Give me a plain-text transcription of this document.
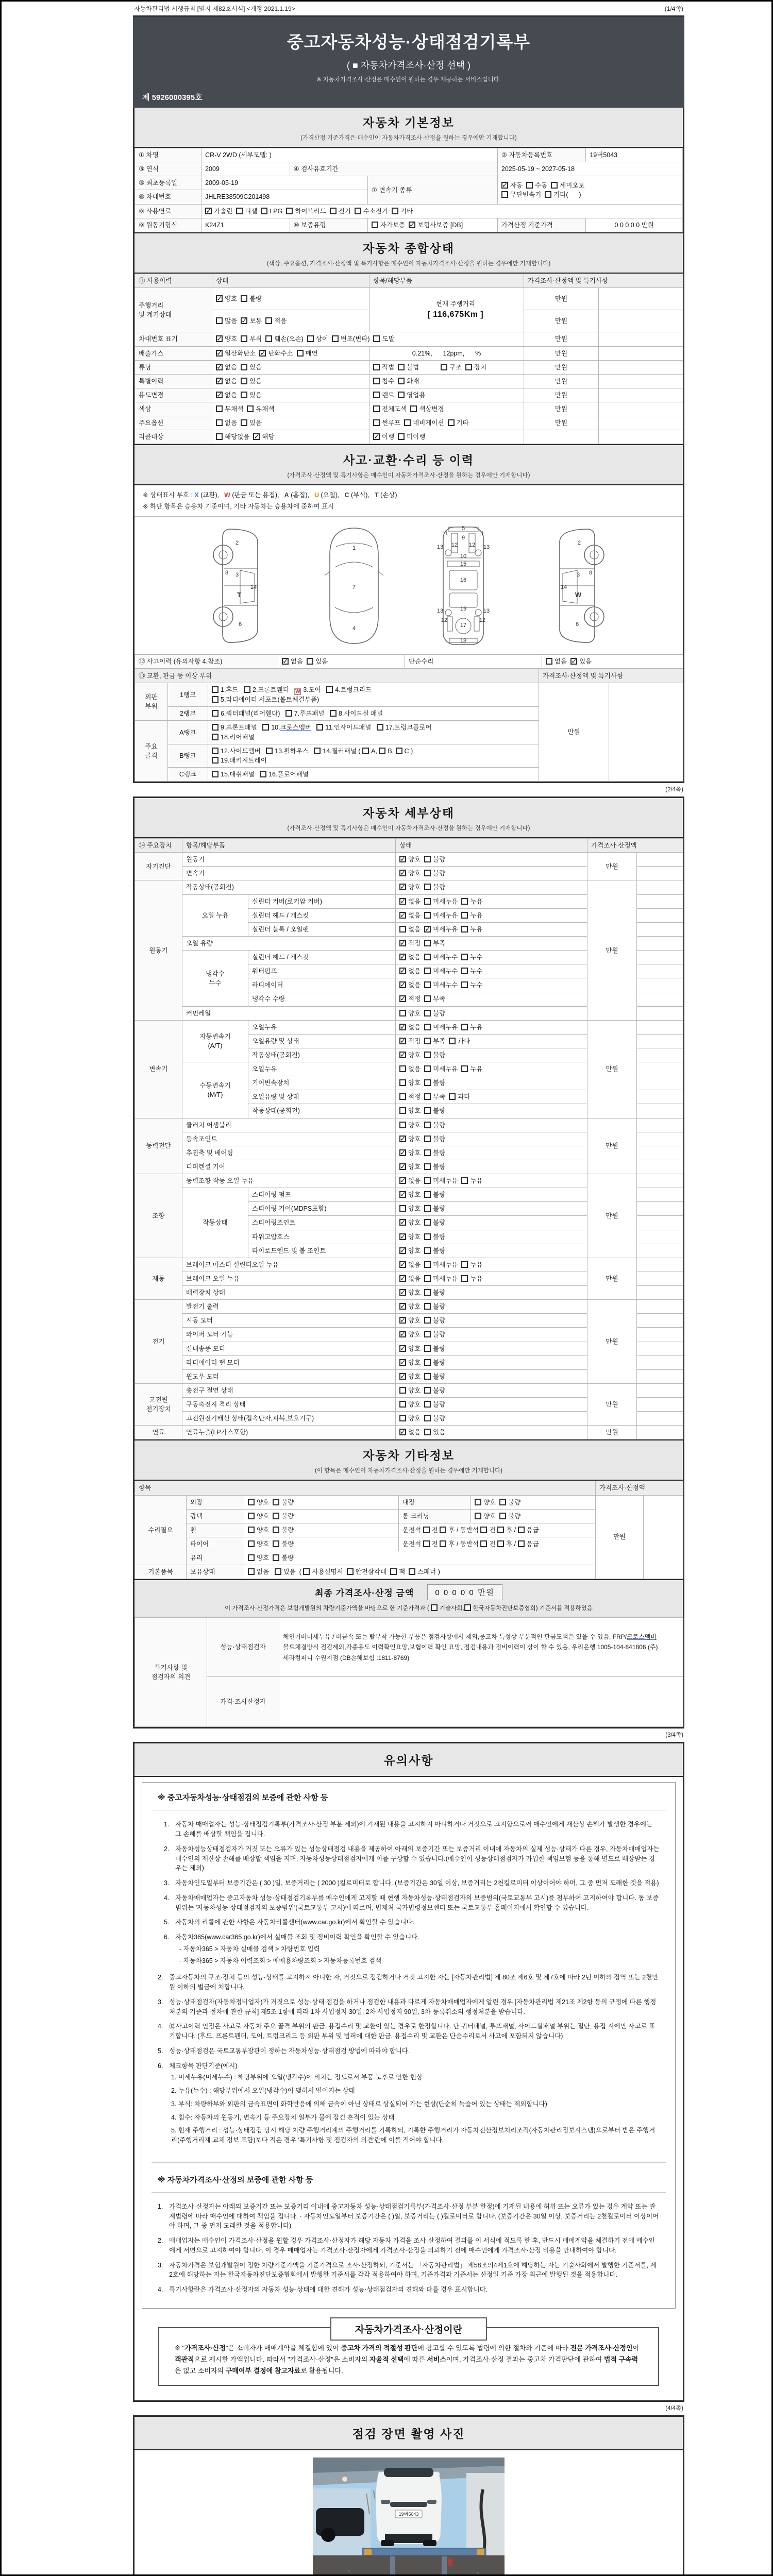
자동차관리법 시행규칙 [별지 제82호서식] <개정 2021.1.19>	(1/4쪽)
중고자동차성능·상태점검기록부
( ■ 자동차가격조사·산정 선택 )
※ 자동차가격조사·산정은 매수인이 원하는 경우 제공하는 서비스입니다.
제 5926000395호
자동차 기본정보
(가격산정 기준가격은 매수인이 자동차가격조사·산정을 원하는 경우에만 기재합니다)
① 차명	CR-V 2WD (세부모델: )			② 자동차등록번호	19버5043
③ 연식	2009	④ 검사유효기간		2025-05-19 ~ 2027-05-18	
⑤ 최초등록일	2009-05-19		⑦ 변속기 종류	✓자동  수동  세미오토
무단변속기  기타(      )
⑥ 차대번호	JHLRE38509C201498				
⑧ 사용연료	✓가솔린  디젤  LPG  하이브리드  전기  수소전기  기타
⑨ 원동기형식	K24Z1	⑩ 보증유형	자가보증   ✓보험사보증 [DB]	가격산정 기준가격	0 0 0 0 0 만원
자동차 종합상태
(색상, 주요옵션, 가격조사·산정액 및 특기사항은 매수인이 자동차가격조사·산정을 원하는 경우에만 기재합니다)
⑪ 사용이력	상태	항목/해당부품	가격조사·산정액 및 특기사항	
주행거리
및 계기상태	✓양호  불량	현재 주행거리
[ 116,675Km ]	만원	
	많음   ✓보통  적음		만원	
차대번호 표기	✓양호  부식  훼손(오손)  상이  변조(변타)  도말		만원	
배출가스	✓일산화탄소   ✓탄화수소  매연	0.21%,      12ppm,      %	만원	
튜닝	✓없음  있음	적법  불법            구조  장치	만원	
특별이력	✓없음  있음	침수  화재	만원	
용도변경	✓없음  있음	렌트  영업용	만원	
색상	무채색  유채색	전체도색  색상변경	만원	
주요옵션	없음  있음	썬루프  네비게이션  기타	만원	
리콜대상	해당없음   ✓해당	✓이행  미이행		
사고·교환·수리 등 이력
(가격조사·산정액 및 특기사항은 매수인이 자동차가격조사·산정을 원하는 경우에만 기재합니다)
※ 상태표시 부호 : X (교환), W (판금 또는 용접), A (흠집), U (요철), C (부식), T (손상)
※ 하단 항목은 승용차 기준이며, 기타 자동차는 승용차에 준하여 표시
2
8 3
14
T
6
1
7
4
5
9
11	11
13	13
12 12
10
15
16
19
13	13
12	12
17
18
2
3 8
14
W
6
⑫ 사고이력 (유의사항 4.참조)	✓없음  있음	단순수리	없음   ✓있음
⑬ 교환, 판금 등 이상 부위			가격조사·산정액 및 특기사항	
외판
부위	1랭크	1.후드   2.프론트휀더   W 3.도어   4.트렁크리드
5.라디에이터 서포트(볼트체결부품)	만원	
	2랭크	6.쿼터패널(리어휀다)   7.루프패널   8.사이드실 패널		
주요
골격	A랭크	9.프론트패널   10.크로스멤버 11.인사이드패널   17.트렁크플로어
18.리어패널		
	B랭크	12.사이드멤버   13.휠하우스   14.필러패널 ( A, B, C )
19.패키지트레이		
	C랭크	15.대쉬패널   16.플로어패널		
(2/4쪽)
자동차 세부상태
(가격조사·산정액 및 특기사항은 매수인이 자동차가격조사·산정을 원하는 경우에만 기재합니다)
⑭ 주요장치	항목/해당부품		상태	가격조사·산정액	
자기진단	원동기	✓양호  불량	만원	
	변속기	✓양호  불량	
원동기	작동상태(공회전)	✓양호  불량	만원	
	오일 누유	실린더 커버(로커암 커버)	✓없음  미세누유  누유	
		실린더 헤드 / 개스킷	✓없음  미세누유  누유	
		실린더 블록 / 오일팬	없음   ✓미세누유  누유	
	오일 유량	✓적정  부족	
	냉각수
누수	실린더 헤드 / 개스킷	✓없음  미세누수  누수	
		워터펌프	✓없음  미세누수  누수	
		라디에이터	✓없음  미세누수  누수	
		냉각수 수량	✓적정  부족	
	커먼레일		양호  불량		
변속기	자동변속기
(A/T)	오일누유	✓없음  미세누유  누유	만원	
		오일유량 및 상태	✓적정  부족  과다	
		작동상태(공회전)	✓양호  불량	
	수동변속기
(M/T)	오일누유	없음  미세누유  누유		
		기어변속장치	양호  불량		
		오일유량 및 상태	적정  부족  과다		
		작동상태(공회전)	양호  불량		
동력전달	클러치 어셈블리		양호  불량	만원	
	등속조인트	✓양호  불량	
	추진축 및 베어링	✓양호  불량	
	디퍼렌셜 기어	✓양호  불량	
조향	동력조향 작동 오일 누유	✓없음  미세누유  누유	만원	
	작동상태	스티어링 펌프	✓양호  불량	
		스티어링 기어(MDPS포함)	양호  불량		
		스티어링조인트	✓양호  불량	
		파워고압호스	✓양호  불량	
		타이로드엔드 및 볼 조인트	✓양호  불량	
제동	브레이크 마스터 실린더오일 누유	✓없음  미세누유  누유	만원	
	브레이크 오일 누유	✓없음  미세누유  누유	
	배력장치 상태	✓양호  불량	
전기	발전기 출력	✓양호  불량	만원	
	시동 모터	✓양호  불량	
	와이퍼 모터 기능	✓양호  불량	
	실내송풍 모터	✓양호  불량	
	라디에이터 팬 모터	✓양호  불량	
	윈도우 모터	✓양호  불량	
고전원
전기장치	충전구 절연 상태		양호  불량	만원	
	구동축전지 격리 상태		양호  불량		
	고전원전기배선 상태(접속단자,피복,보호기구)		양호  불량		
연료	연료누출(LP가스포함)	✓없음  있음	만원	
자동차 기타정보
(이 항목은 매수인이 자동차가격조사·산정을 원하는 경우에만 기재합니다)
항목					가격조사·산정액	
수리필요	외장	양호  불량	내장	양호  불량	만원	
	광택	양호  불량	룸 크리닝	양호  불량		
	휠	양호  불량	운전석 전 후 / 동반석 전 후 / 응급			
	타이어	양호  불량	운전석 전 후 / 동반석 전 후 / 응급			
	유리	양호  불량				
기본품목	보유상태	없음   있음  ( 사용설명서  안전삼각대  잭  스패너 )				
최종 가격조사·산정 금액	0 0 0 0 0 만원
이 가격조사·산정가격은 보험개발원의 차량기준가액을 바탕으로 한 기준가격과 ( 기술사회, 한국자동차진단보증협회) 기준서를 적용하였음
특기사항 및
점검자의 의견	성능·상태점검자	체인커버미세누유 / 비금속 또는 탈부착 가능한 부품은 점검사항에서 제외,중고차 특성상 부분적인 판금도색은 있을 수 있음, FRP/크로스멤버 볼트체결방식 점검제외,각종용도 이력확인요망,보험이력 확인 요망, 점검내용과 정비이력이 상이 할 수 있음, 우리은행 1005-104-841806 (주)세라컴퍼니 수원지점 (DB손해보험 :1811-8769)
	가격·조사산정자	
(3/4쪽)
유의사항
※ 중고자동차성능·상태점검의 보증에 관한 사항 등
1. 자동차 매매업자는 성능·상태점검기록부(가격조사·산정 부분 제외)에 기재된 내용을 고지하지 아니하거나 거짓으로 고지함으로써 매수인에게 재산상 손해가 발생한 경우에는 그 손해를 배상할 책임을 집니다.
2. 자동차성능상태점검자가 거짓 또는 오류가 있는 성능상태점검 내용을 제공하여 아래의 보증기간 또는 보증거리 이내에 자동차의 실제 성능·상태가 다른 경우, 자동차매매업자는 매수인의 재산상 손해를 배상할 책임을 지며, 자동차성능상태점검자에게 이를 구상할 수 있습니다.(매수인이 성능상태점검자가 가입한 책임보험 등을 통해 별도로 배상받는 경우는 제외)
3. 자동차인도일부터 보증기간은 ( 30 )일, 보증거리는 ( 2000 )킬로미터로 합니다. (보증기간은 30일 이상, 보증거리는 2천킬로미터 이상이어야 하며, 그 중 먼저 도래한 것을 적용)
4. 자동차매매업자는 중고자동차 성능·상태점검기록부를 매수인에게 고지할 때 현행 자동차성능·상태점검자의 보증범위(국토교통부 고시)를 첨부하여 고지하여야 합니다. 동 보증범위는 '자동차성능·상태점검자의 보증범위'(국토교통부 고시)에 따르며, 법제처 국가법령정보센터 또는 국토교통부 홈페이지에서 확인할 수 있습니다.
5. 자동차의 리콜에 관한 사항은 자동차리콜센터(www.car.go.kr)에서 확인할 수 있습니다.
6. 자동차365(www.car365.go.kr)에서 실매물 조회 및 정비이력 확인을 확인할 수 있습니다.
- 자동차365 > 자동차 실매물 검색 > 차량번호 입력
- 자동차365 > 자동차 이력조회 > 매매용차량조회 > 자동차등록번호 검색
2. 중고자동차의 구조·장치 등의 성능·상태를 고지하지 아니한 자, 거짓으로 점검하거나 거짓 고지한 자는 [자동차관리법] 제 80조 제6호 및 제7호에 따라 2년 이하의 징역 또는 2천만원 이하의 벌금에 처합니다.
3. 성능·상태점검자(자동차정비업자)가 거짓으로 성능·상태 점검을 하거나 점검한 내용과 다르게 자동차매매업자에게 알린 경우 [자동차관리법 제21조 제2항 등의 규정에 따른 행정처분의 기준과 절차에 관한 규칙] 제5조 1항에 따라 1차 사업정지 30일, 2차 사업정지 90일, 3차 등록취소의 행정처분을 받습니다.
4. ⑫사고이력 인정은 사고로 자동차 주요 골격 부위의 판금, 용접수리 및 교환이 있는 경우로 한정합니다. 단 쿼터패널, 루프패널, 사이드실패널 부위는 절단, 용접 시에만 사고로 표기합니다. (후드, 프론트펜더, 도어, 트렁크리드 등 외판 부위 및 범퍼에 대한 판금, 용접수리 및 교환은 단순수리로서 사고에 포함되지 않습니다)
5. 성능·상태점검은 국토교통부장관이 정하는 자동차성능·상태점검 방법에 따라야 합니다.
6. 체크항목 판단기준(예시)
1. 미세누유(미세누수) : 해당부위에 오일(냉각수)이 비치는 정도로서 부품 노후로 인한 현상
2. 누유(누수) : 해당부위에서 오일(냉각수)이 맺혀서 떨어지는 상태
3. 부식: 차량하부와 외판의 금속표면이 화학반응에 의해 금속이 아닌 상태로 상실되어 가는 현상(단순히 녹슬어 있는 상태는 제외합니다)
4. 침수: 자동차의 원동기, 변속기 등 주요장치 일부가 물에 잠긴 흔적이 있는 상태
5. 현재 주행거리 : 성능·상태점검 당시 해당 차량 주행거리계의 주행거리를 기록하되, 기록한 주행거리가 자동차전산정보처리조직(자동차관리정보시스템)으로부터 받은 주행거리(주행거리계 교체 정보 포함)보다 적은 경우 '특기사항 및 점검자의 의견'란에 이를 적어야 합니다.
※ 자동차가격조사·산정의 보증에 관한 사항 등
1. 가격조사·산정자는 아래의 보증기간 또는 보증거리 이내에 중고자동차 성능·상태점검기록부(가격조사·산정 부분 한정)에 기재된 내용에 허위 또는 오류가 있는 경우 계약 또는 관계법령에 따라 매수인에 대하여 책임을 집니다. · 자동차인도일부터 보증기간은 ( )일, 보증거리는 ( )킬로미터로 합니다. (보증기간은 30일 이상, 보증거리는 2천킬로미터 이상이어야 하며, 그 중 먼저 도래한 것을 적용합니다)
2. 매매업자는 매수인이 가격조사·산정을 원할 경우 가격조사·산정자가 해당 자동차 가격을 조사·산정하여 결과를 이 서식에 적도록 한 후, 반드시 매매계약을 체결하기 전에 매수인에게 서면으로 고지하여야 합니다. 이 경우 매매업자는 가격조사·산정자에게 가격조사·산정을 의뢰하기 전에 매수인에게 가격조사·산정 비용을 안내하여야 합니다.
3. 자동차가격은 보험개발원이 정한 차량기준가액을 기준가격으로 조사·산정하되, 기준서는 「자동차관리법」 제58조의4제1호에 해당하는 자는 기술사회에서 발행한 기준서를, 제2호에 해당하는 자는 한국자동차진단보증협회에서 발행한 기준서를 각각 적용하여야 하며, 기준가격과 기준서는 산정일 기준 가장 최근에 발행된 것을 적용합니다.
4. 특기사항란은 가격조사·산정자의 자동차 성능·상태에 대한 견해가 성능·상태점검자의 견해와 다를 경우 표시합니다.
자동차가격조사·산정이란
※ "가격조사·산정"은 소비자가 매매계약을 체결함에 있어 중고차 가격의 적절성 판단에 참고할 수 있도록 법령에 의한 절차와 기준에 따라 전문 가격조사·산정인이 객관적으로 제시한 가액입니다. 따라서 "가격조사·산정"은 소비자의 자율적 선택에 따른 서비스이며, 가격조사·산정 결과는 중고차 가격판단에 관하여 법적 구속력은 없고 소비자의 구매여부 결정에 참고자료로 활용됩니다.
(4/4쪽)
점검 장면 촬영 사진
19버5043
